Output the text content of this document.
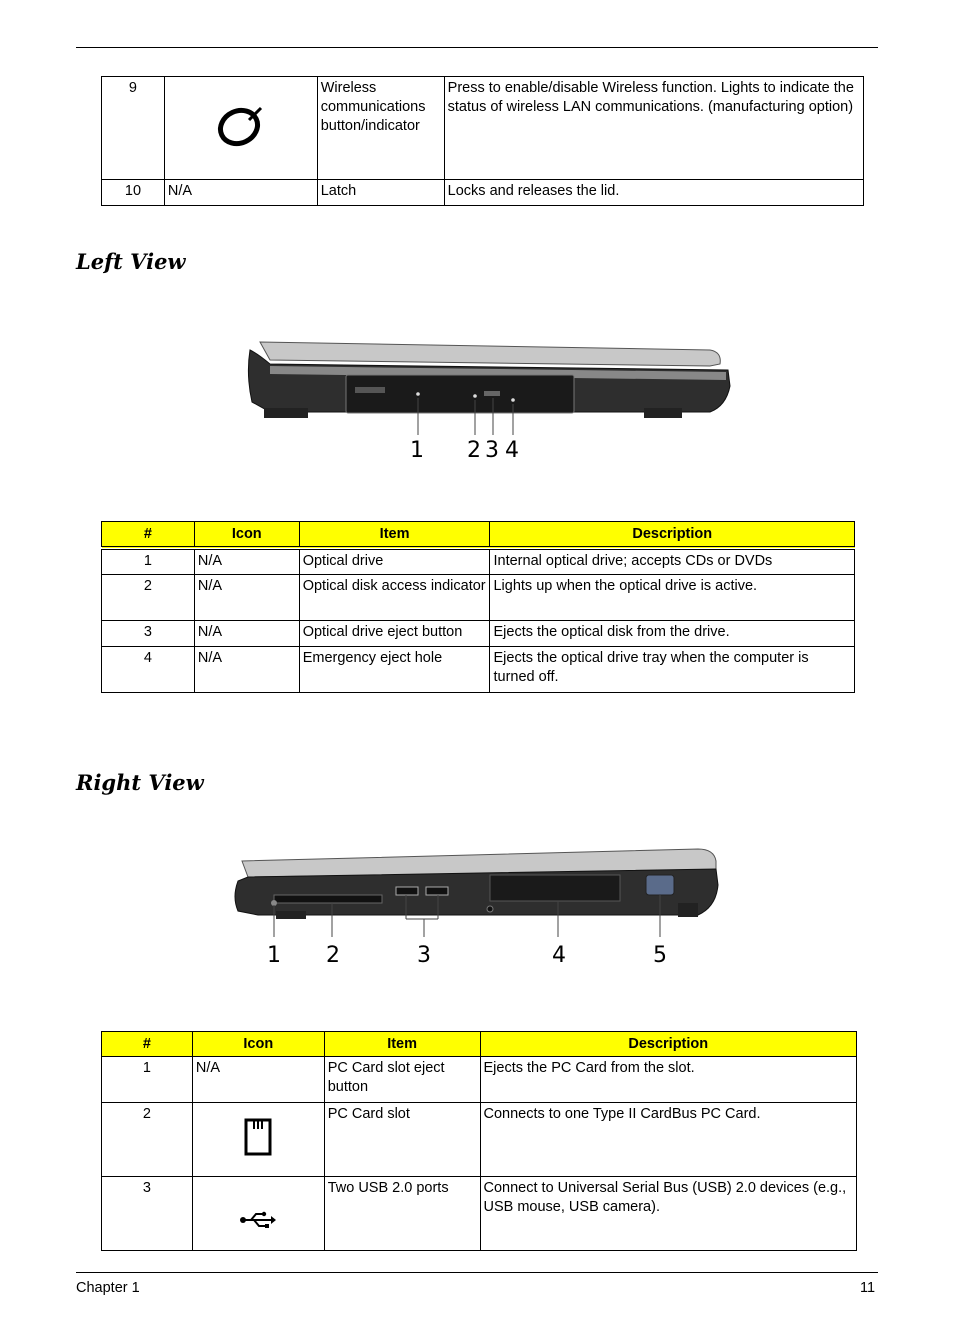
9		Wireless communications button/indicator	Press to enable/disable Wireless function. Lights to indicate the status of wireless LAN communications. (manufacturing option)
10	N/A	Latch	Locks and releases the lid.
Left View
1 2 3 4
#	Icon	Item	Description
1	N/A	Optical drive	Internal optical drive; accepts CDs or DVDs
2	N/A	Optical disk access indicator	Lights up when the optical drive is active.
3	N/A	Optical drive eject button	Ejects the optical disk from the drive.
4	N/A	Emergency eject hole	Ejects the optical drive tray when the computer is turned off.
Right View
1 2	3	4	5
#	Icon	Item	Description
1	N/A	PC Card slot eject button	Ejects the PC Card from the slot.
2		PC Card slot	Connects to one Type II CardBus PC Card.
3		Two USB 2.0 ports	Connect to Universal Serial Bus (USB) 2.0 devices (e.g., USB mouse, USB camera).
Chapter 1	11
